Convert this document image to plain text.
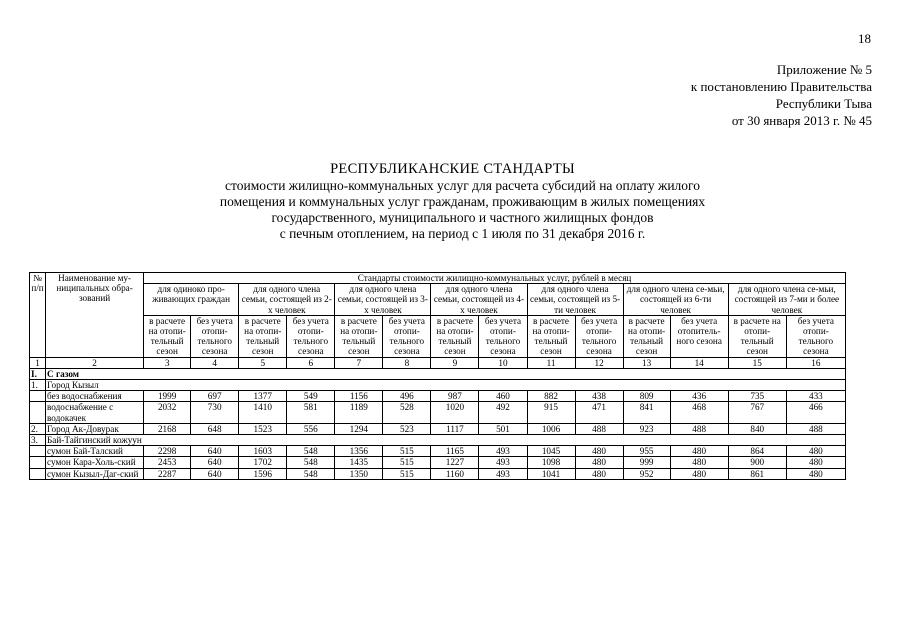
18
Приложение № 5
к постановлению Правительства
Республики Тыва
от 30 января 2013 г. № 45
РЕСПУБЛИКАНСКИЕ СТАНДАРТЫ
стоимости жилищно-коммунальных услуг для расчета субсидий на оплату жилого
помещения и коммунальных услуг гражданам, проживающим в жилых помещениях
государственного, муниципального и частного жилищных фондов
с печным отоплением, на период с 1 июля по 31 декабря 2016 г.
№ п/п	Наименование му-ниципальных обра-зований	Стандарты стоимости жилищно-коммунальных услуг, рублей в месяц													
		для одиноко про-живающих граждан		для одного члена семьи, состоящей из 2-х человек		для одного члена семьи, состоящей из 3-х человек		для одного члена семьи, состоящей из 4-х человек		для одного члена семьи, состоящей из 5-ти человек		для одного члена се-мьи, состоящей из 6-ти человек		для одного члена се-мьи, состоящей из 7-ми и более человек	
		в расчете на отопи-тельный сезон	без учета отопи-тельного сезона	в расчете на отопи-тельный сезон	без учета отопи-тельного сезона	в расчете на отопи-тельный сезон	без учета отопи-тельного сезона	в расчете на отопи-тельный сезон	без учета отопи-тельного сезона	в расчете на отопи-тельный сезон	без учета отопи-тельного сезона	в расчете на отопи-тельный сезон	без учета отопитель-ного сезона	в расчете на отопи-тельный сезон	без учета отопи-тельного сезона
1	2	3	4	5	6	7	8	9	10	11	12	13	14	15	16
I.	С газом														
1.	Город Кызыл														
	без водоснабжения	1999	697	1377	549	1156	496	987	460	882	438	809	436	735	433
	водоснабжение с водокачек	2032	730	1410	581	1189	528	1020	492	915	471	841	468	767	466
2.	Город Ак-Довурак	2168	648	1523	556	1294	523	1117	501	1006	488	923	488	840	488
3.	Бай-Тайгинский кожуун														
	сумон Бай-Талский	2298	640	1603	548	1356	515	1165	493	1045	480	955	480	864	480
	сумон Кара-Холь-ский	2453	640	1702	548	1435	515	1227	493	1098	480	999	480	900	480
	сумон Кызыл-Даг-ский	2287	640	1596	548	1350	515	1160	493	1041	480	952	480	861	480
